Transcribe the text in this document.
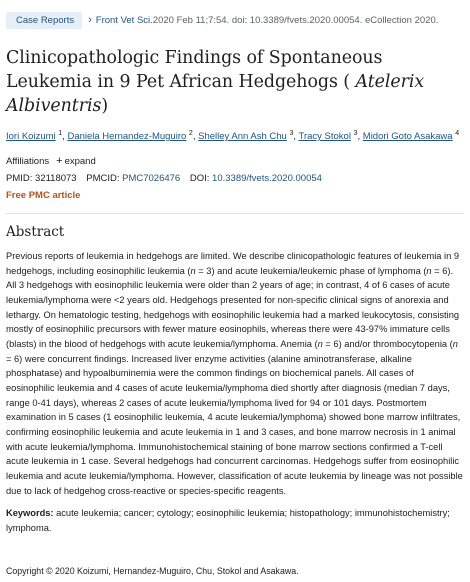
Case Reports	› Front Vet Sci. 2020 Feb 11;7:54. doi: 10.3389/fvets.2020.00054. eCollection 2020.
Clinicopathologic Findings of Spontaneous Leukemia in 9 Pet African Hedgehogs ( Atelerix Albiventris)
Iori Koizumi $^1$, Daniela Hernandez-Muguiro $^2$, Shelley Ann Ash Chu $^3$, Tracy Stokol $^3$, Midori Goto Asakawa $^4$
Affiliations + expand
PMID: 32118073 PMCID: PMC7026476 DOI: 10.3389/fvets.2020.00054
Free PMC article
Abstract
Previous reports of leukemia in hedgehogs are limited. We describe clinicopathologic features of leukemia in 9 hedgehogs, including eosinophilic leukemia (n = 3) and acute leukemia/leukemic phase of lymphoma (n = 6). All 3 hedgehogs with eosinophilic leukemia were older than 2 years of age; in contrast, 4 of 6 cases of acute leukemia/lymphoma were <2 years old. Hedgehogs presented for non-specific clinical signs of anorexia and lethargy. On hematologic testing, hedgehogs with eosinophilic leukemia had a marked leukocytosis, consisting mostly of eosinophilic precursors with fewer mature eosinophils, whereas there were 43-97% immature cells (blasts) in the blood of hedgehogs with acute leukemia/lymphoma. Anemia (n = 6) and/or thrombocytopenia (n = 6) were concurrent findings. Increased liver enzyme activities (alanine aminotransferase, alkaline phosphatase) and hypoalbuminemia were the common findings on biochemical panels. All cases of eosinophilic leukemia and 4 cases of acute leukemia/lymphoma died shortly after diagnosis (median 7 days, range 0-41 days), whereas 2 cases of acute leukemia/lymphoma lived for 94 or 101 days. Postmortem examination in 5 cases (1 eosinophilic leukemia, 4 acute leukemia/lymphoma) showed bone marrow infiltrates, confirming eosinophilic leukemia and acute leukemia in 1 and 3 cases, and bone marrow necrosis in 1 animal with acute leukemia/lymphoma. Immunohistochemical staining of bone marrow sections confirmed a T-cell acute leukemia in 1 case. Several hedgehogs had concurrent carcinomas. Hedgehogs suffer from eosinophilic leukemia and acute leukemia/lymphoma. However, classification of acute leukemia by lineage was not possible due to lack of hedgehog cross-reactive or species-specific reagents.
Keywords: acute leukemia; cancer; cytology; eosinophilic leukemia; histopathology; immunohistochemistry; lymphoma.
Copyright © 2020 Koizumi, Hernandez-Muguiro, Chu, Stokol and Asakawa.
